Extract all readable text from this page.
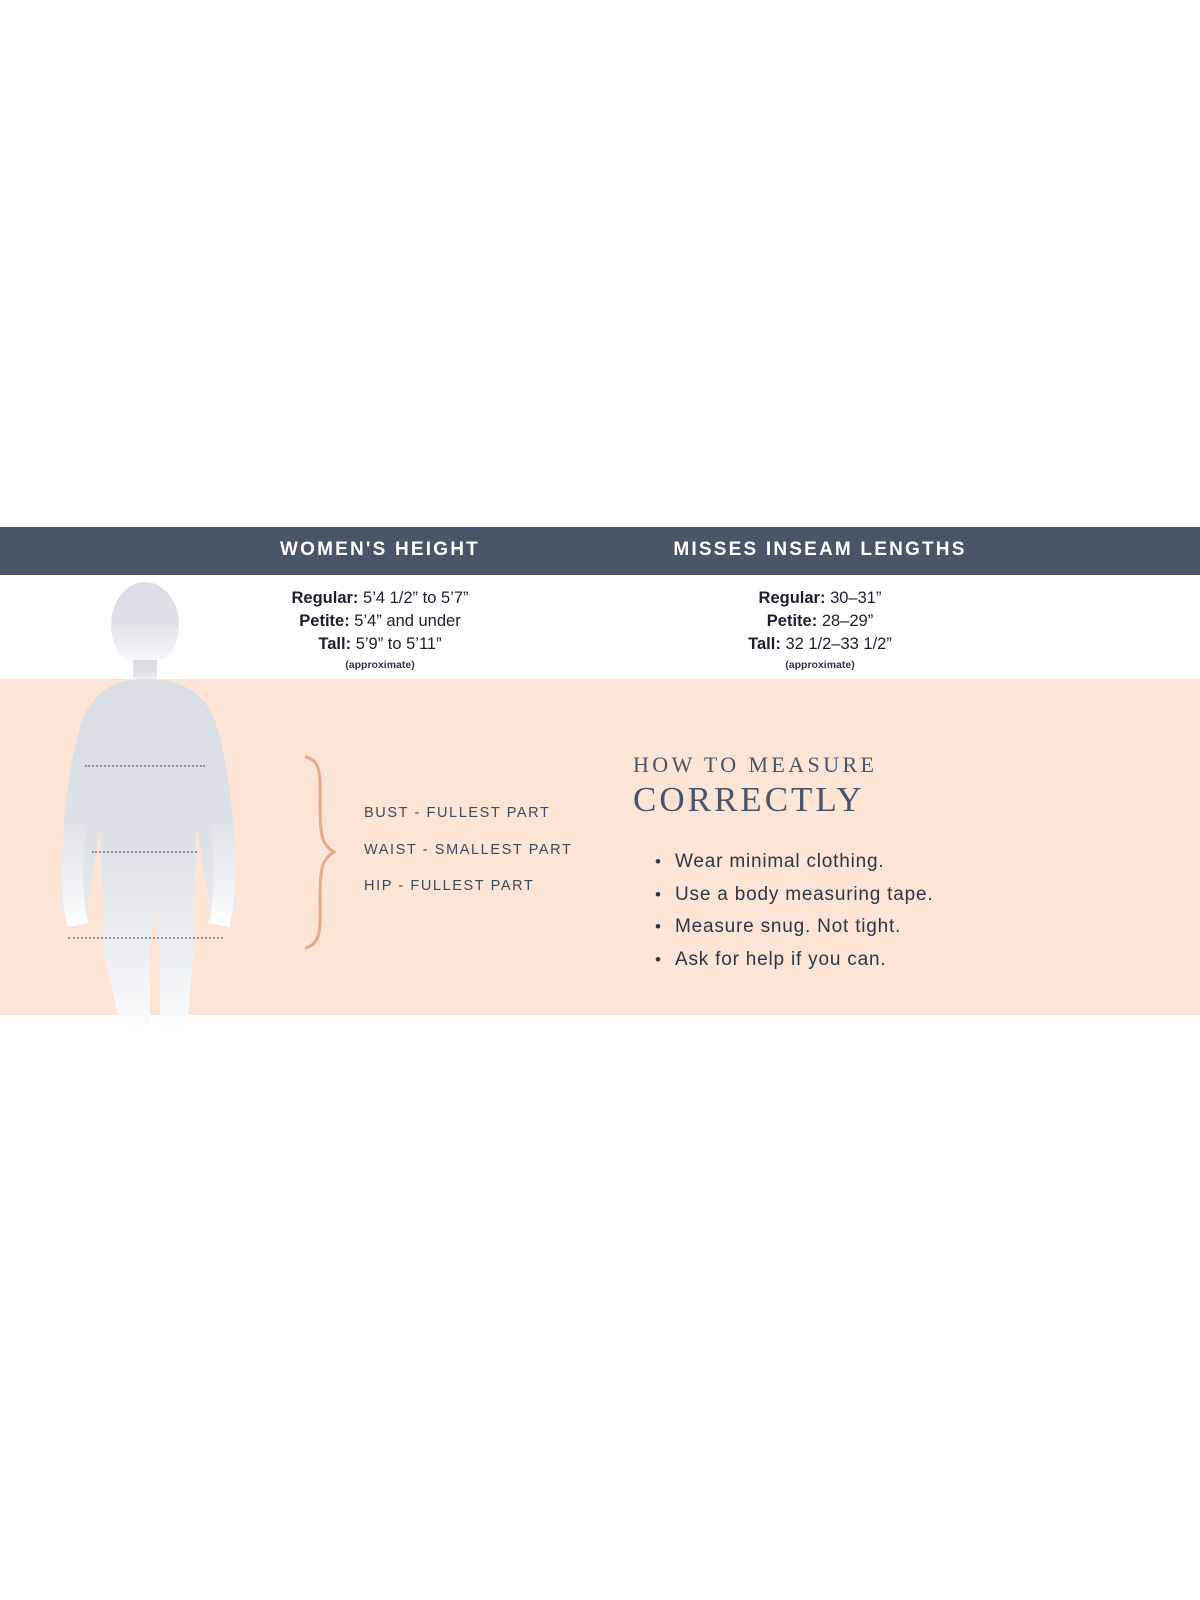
WOMEN'S HEIGHT	MISSES INSEAM LENGTHS
Regular: 5’4 1/2” to 5’7”
Petite: 5’4” and under
Tall: 5’9” to 5’11”
(approximate)
Regular: 30–31”
Petite: 28–29”
Tall: 32 1/2–33 1/2”
(approximate)
BUST - FULLEST PART
WAIST - SMALLEST PART
HIP - FULLEST PART
HOW TO MEASURE
CORRECTLY
• Wear minimal clothing.
• Use a body measuring tape.
• Measure snug. Not tight.
• Ask for help if you can.
